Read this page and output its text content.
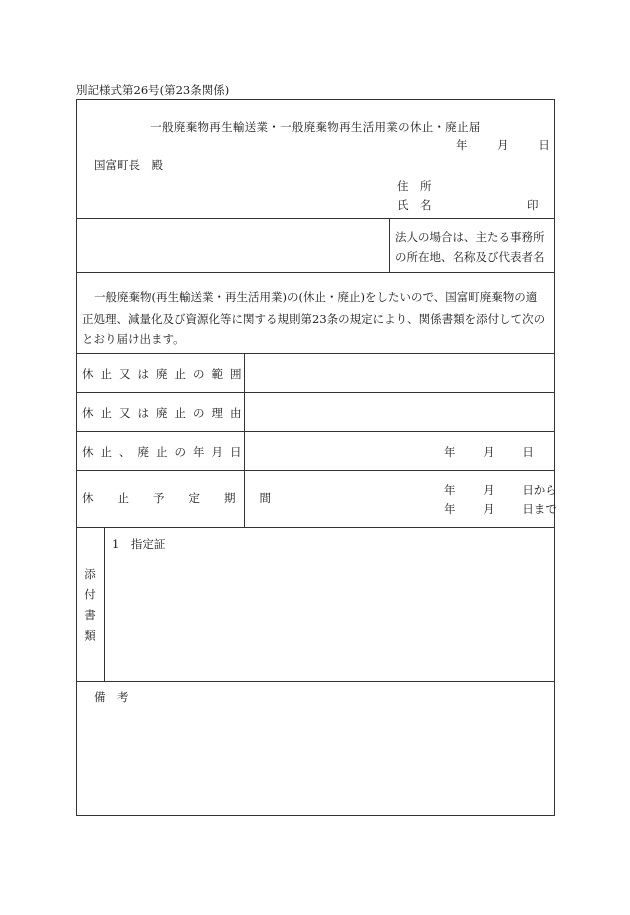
別記様式第26号(第23条関係)
一般廃棄物再生輸送業・一般廃棄物再生活用業の休止・廃止届
年	月	日
国富町長　殿
住　所
氏　名	印
法人の場合は、主たる事務所
の所在地、名称及び代表者名
一般廃棄物(再生輸送業・再生活用業)の(休止・廃止)をしたいので、国富町廃棄物の適
正処理、減量化及び資源化等に関する規則第23条の規定により、関係書類を添付して次の
とおり届け出ます。
休止又は廃止の範囲
休止又は廃止の理由
休止、廃止の年月日	年 月 日
休止予定期間
年 月 日から
年 月 日まで
添付書類
1　指定証
備　考
